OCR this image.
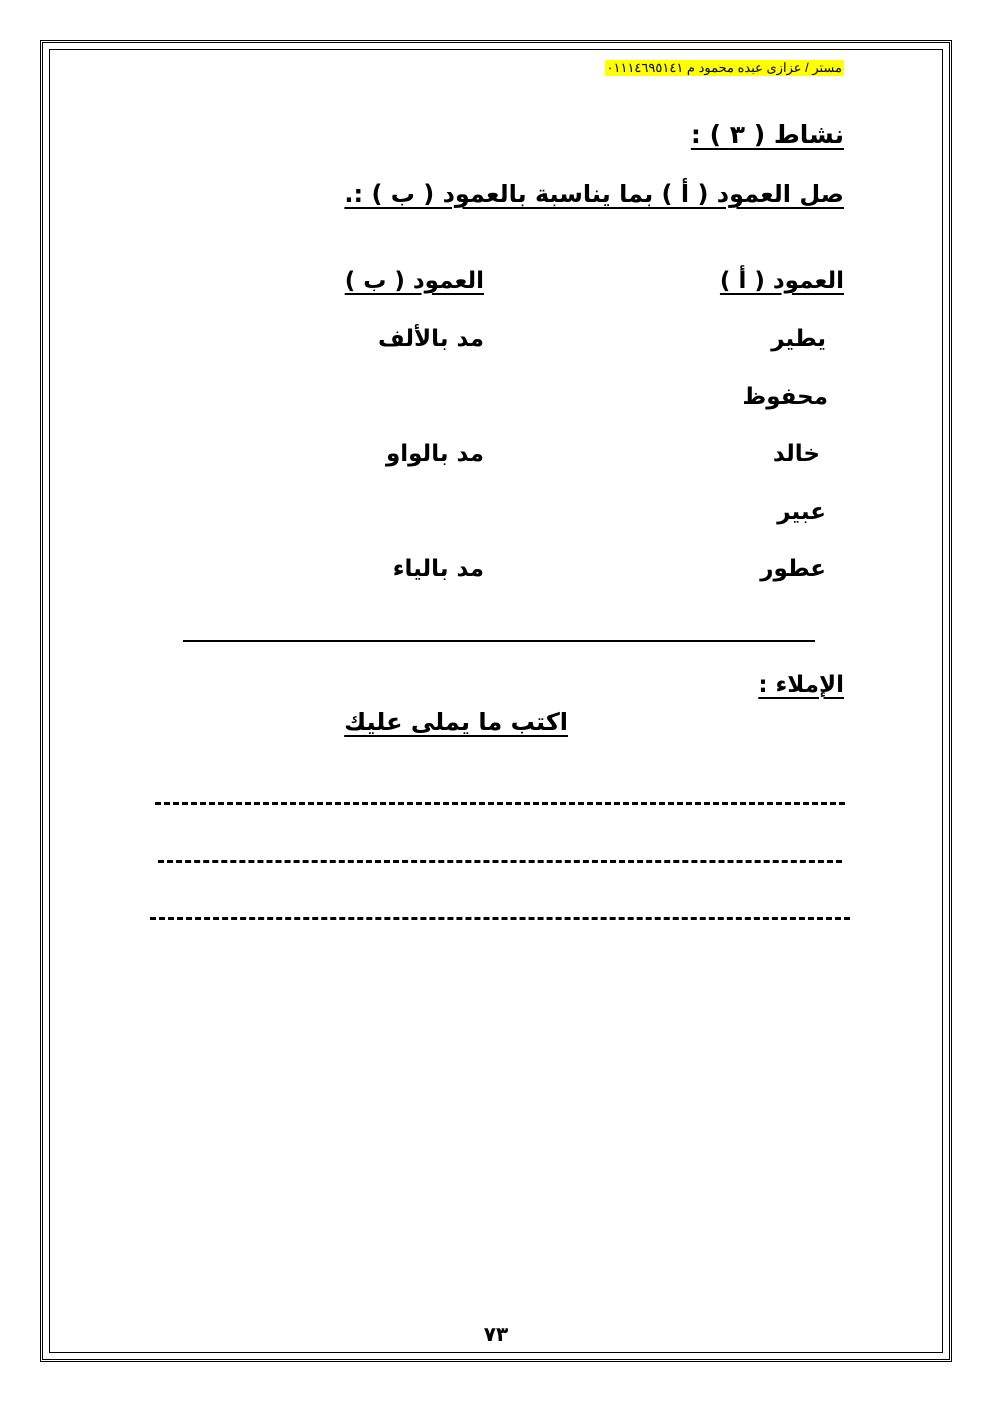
مستر / عزازى عبده محمود م ٠١١١٤٦٩٥١٤١
نشاط ( ٣ ) :
صل العمود ( أ ) بما يناسبة بالعمود ( ب ) :.
العمود ( أ )
العمود ( ب )
يطير
محفوظ
خالد
عبير
عطور
مد بالألف
مد بالواو
مد بالياء
الإملاء :
اكتب ما يملى عليك
٧٣
